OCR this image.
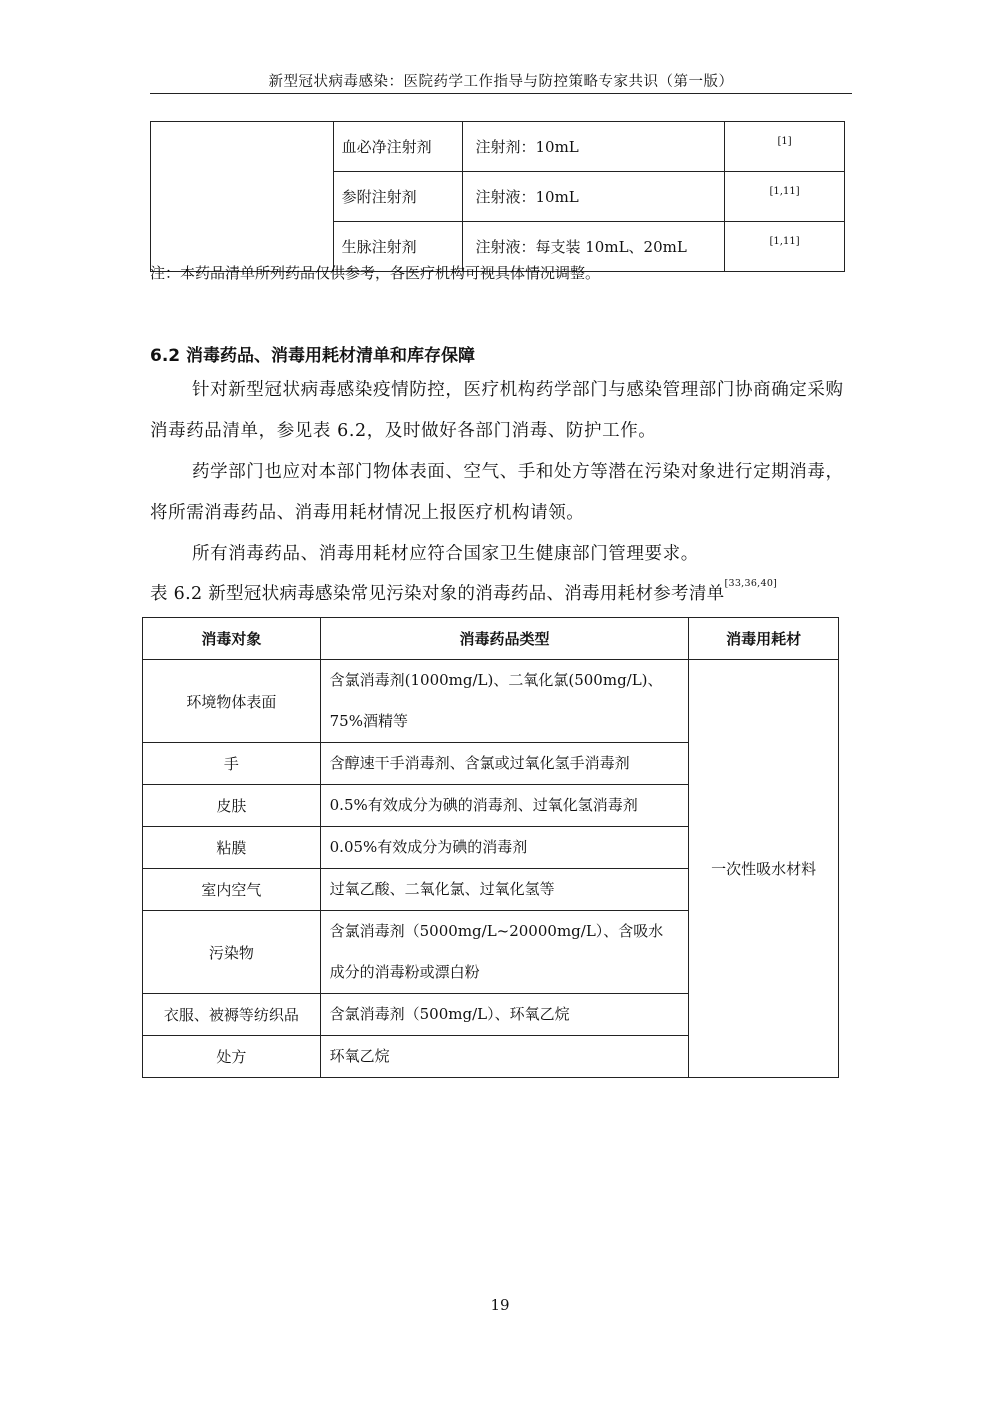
新型冠状病毒感染：医院药学工作指导与防控策略专家共识（第一版）
	血必净注射剂	注射剂：10mL	[1]
	参附注射剂	注射液：10mL	[1,11]
	生脉注射剂	注射液：每支装 10mL、20mL	[1,11]
注：本药品清单所列药品仅供参考，各医疗机构可视具体情况调整。
6.2 消毒药品、消毒用耗材清单和库存保障

针对新型冠状病毒感染疫情防控，医疗机构药学部门与感染管理部门协商确定采购消毒药品清单，参见表 6.2，及时做好各部门消毒、防护工作。

药学部门也应对本部门物体表面、空气、手和处方等潜在污染对象进行定期消毒，将所需消毒药品、消毒用耗材情况上报医疗机构请领。

所有消毒药品、消毒用耗材应符合国家卫生健康部门管理要求。

表 6.2 新型冠状病毒感染常见污染对象的消毒药品、消毒用耗材参考清单[33,36,40]
消毒对象	消毒药品类型	消毒用耗材
环境物体表面	含氯消毒剂(1000mg/L)、二氧化氯(500mg/L)、
75%酒精等	一次性吸水材料
手	含醇速干手消毒剂、含氯或过氧化氢手消毒剂	
皮肤	0.5%有效成分为碘的消毒剂、过氧化氢消毒剂	
粘膜	0.05%有效成分为碘的消毒剂	
室内空气	过氧乙酸、二氧化氯、过氧化氢等	
污染物	含氯消毒剂（5000mg/L~20000mg/L）、含吸水
成分的消毒粉或漂白粉	

衣服、被褥等纺织品	含氯消毒剂（500mg/L）、环氧乙烷	
处方	环氧乙烷	
19
